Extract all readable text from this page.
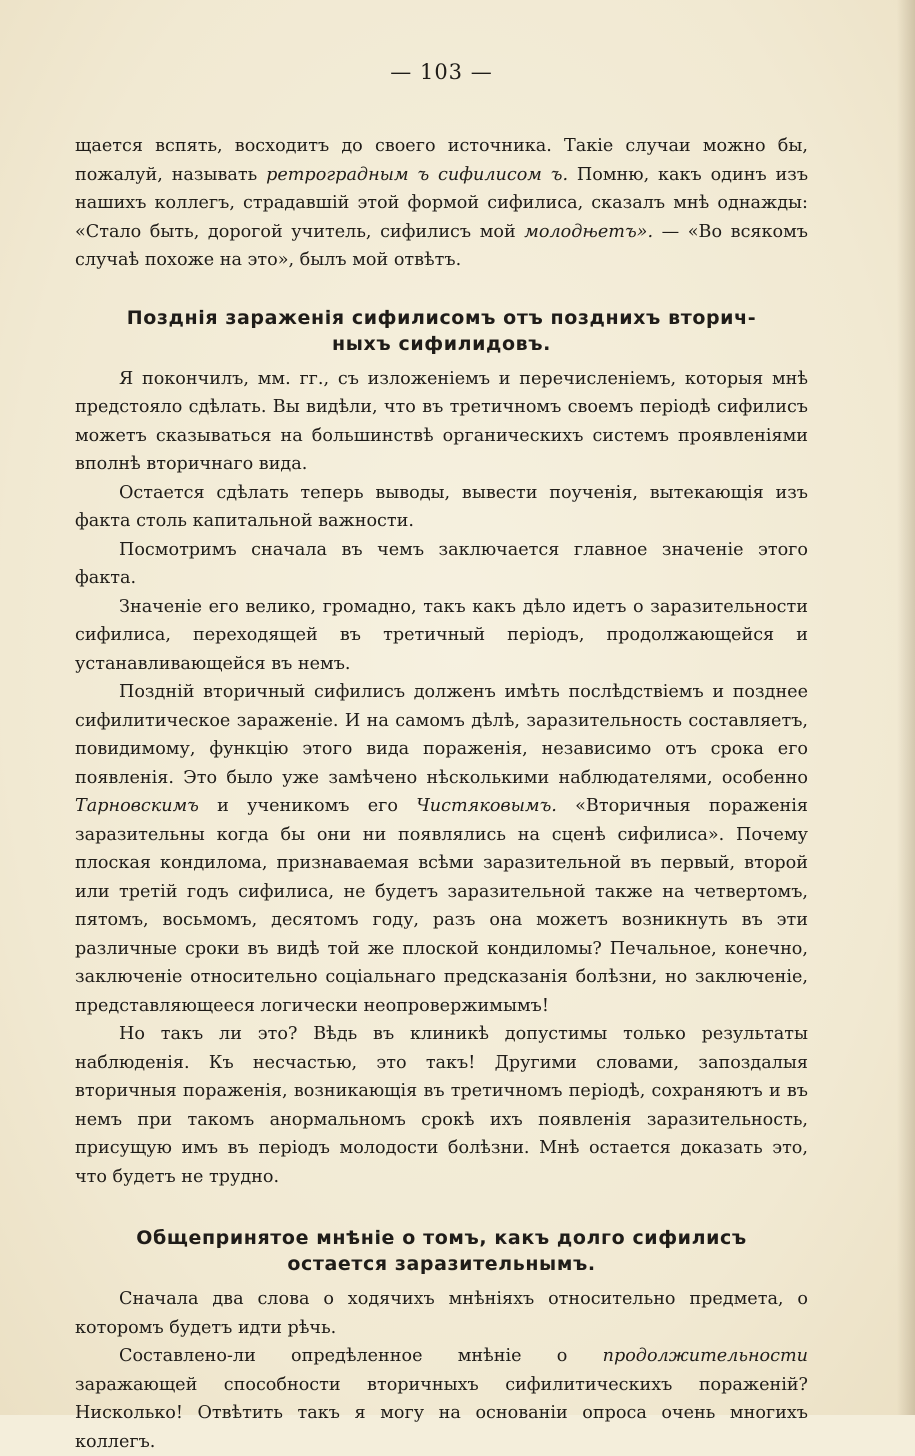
— 103 —

щается вспять, восходитъ до своего источника. Такіе случаи можно бы, пожалуй, называть ретроградным ъ сифилисом ъ. Помню, какъ одинъ изъ нашихъ коллегъ, страдавшій этой формой сифилиса, сказалъ мнѣ однажды: «Стало быть, дорогой учитель, сифилисъ мой молодњетъ». — «Во всякомъ случаѣ похоже на это», былъ мой отвѣтъ.

Позднія зараженія сифилисомъ отъ позднихъ вторич-
ныхъ сифилидовъ.

Я покончилъ, мм. гг., съ изложеніемъ и перечисленіемъ, которыя мнѣ предстояло сдѣлать. Вы видѣли, что въ третичномъ своемъ періодѣ сифилисъ можетъ сказываться на большинствѣ органическихъ системъ проявленіями вполнѣ вторичнаго вида.

Остается сдѣлать теперь выводы, вывести поученія, вытекающія изъ факта столь капитальной важности.

Посмотримъ сначала въ чемъ заключается главное значеніе этого факта.

Значеніе его велико, громадно, такъ какъ дѣло идетъ о заразительности сифилиса, переходящей въ третичный періодъ, продолжающейся и устанавливающейся въ немъ.

Поздній вторичный сифилисъ долженъ имѣть послѣдствіемъ и позднее сифилитическое зараженіе. И на самомъ дѣлѣ, заразительность составляетъ, повидимому, функцію этого вида пораженія, независимо отъ срока его появленія. Это было уже замѣчено нѣсколькими наблюдателями, особенно Тарновскимъ и ученикомъ его Чистяковымъ. «Вторичныя пораженія заразительны когда бы они ни появлялись на сценѣ сифилиса». Почему плоская кондилома, признаваемая всѣми заразительной въ первый, второй или третій годъ сифилиса, не будетъ заразительной также на четвертомъ, пятомъ, восьмомъ, десятомъ году, разъ она можетъ возникнуть въ эти различные сроки въ видѣ той же плоской кондиломы? Печальное, конечно, заключеніе относительно соціальнаго предсказанія болѣзни, но заключеніе, представляющееся логически неопровержимымъ!

Но такъ ли это? Вѣдь въ клиникѣ допустимы только результаты наблюденія. Къ несчастью, это такъ! Другими словами, запоздалыя вторичныя пораженія, возникающія въ третичномъ періодѣ, сохраняютъ и въ немъ при такомъ анормальномъ срокѣ ихъ появленія заразительность, присущую имъ въ періодъ молодости болѣзни. Мнѣ остается доказать это, что будетъ не трудно.

Общепринятое мнѣніе о томъ, какъ долго сифилисъ
остается заразительнымъ.

Сначала два слова о ходячихъ мнѣніяхъ относительно предмета, о которомъ будетъ идти рѣчь.

Составлено-ли опредѣленное мнѣніе о продолжительности заражающей способности вторичныхъ сифилитическихъ пораженій? Нисколько! Отвѣтить такъ я могу на основаніи опроса очень многихъ коллегъ.
